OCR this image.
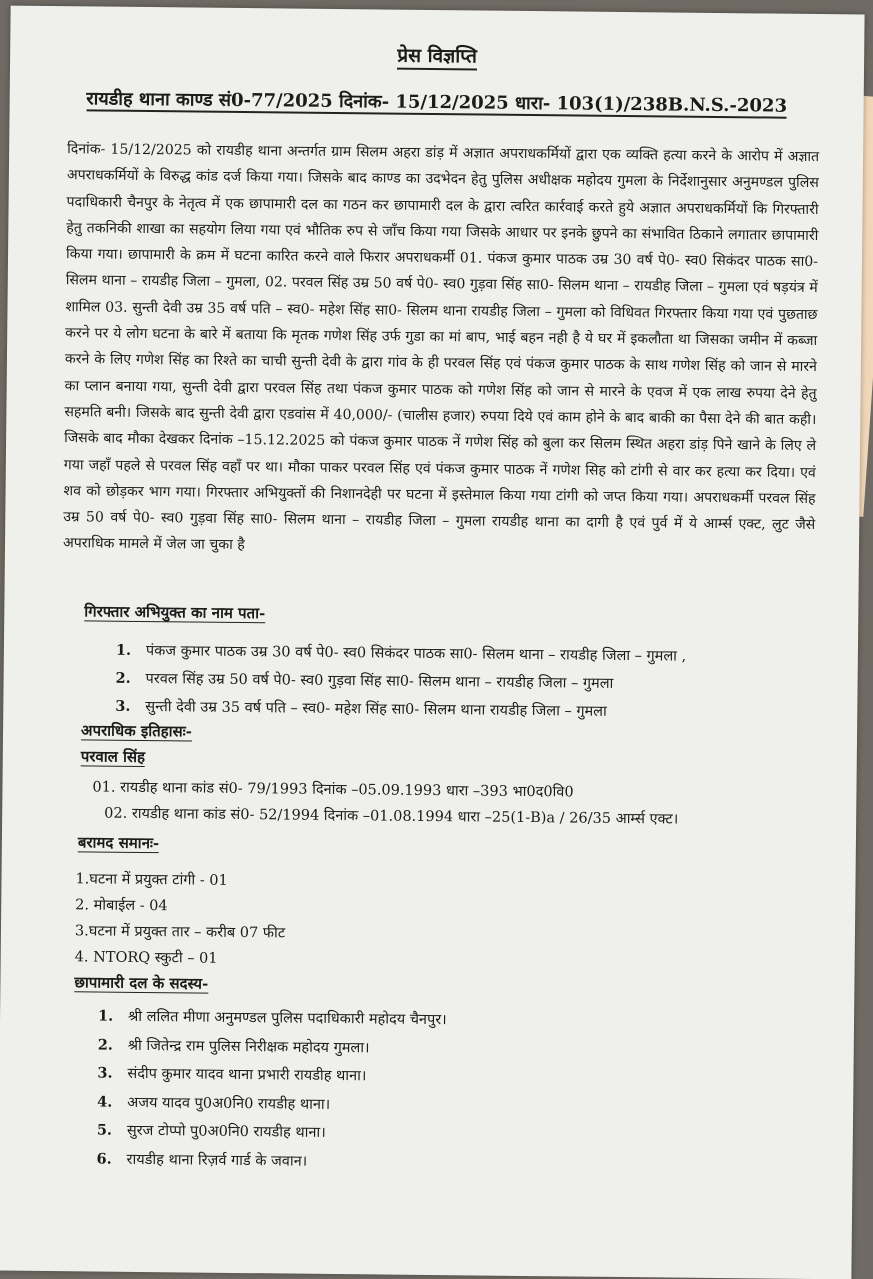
प्रेस विज्ञप्ति
रायडीह थाना काण्ड सं0-77/2025 दिनांक- 15/12/2025 धारा- 103(1)/238B.N.S.-2023
दिनांक- 15/12/2025 को रायडीह थाना अन्तर्गत ग्राम सिलम अहरा डांड़ में अज्ञात अपराधकर्मियों द्वारा एक व्यक्ति हत्या करने के आरोप में अज्ञात अपराधकर्मियों के विरुद्ध कांड दर्ज किया गया। जिसके बाद काण्ड का उदभेदन हेतु पुलिस अधीक्षक महोदय गुमला के निर्देशानुसार अनुमण्डल पुलिस पदाधिकारी चैनपुर के नेतृत्व में एक छापामारी दल का गठन कर छापामारी दल के द्वारा त्वरित कार्रवाई करते हुये अज्ञात अपराधकर्मियों कि गिरफ्तारी हेतु तकनिकी शाखा का सहयोग लिया गया एवं भौतिक रुप से जाँच किया गया जिसके आधार पर इनके छुपने का संभावित ठिकाने लगातार छापामारी किया गया। छापामारी के क्रम में घटना कारित करने वाले फिरार अपराधकर्मी 01. पंकज कुमार पाठक उम्र 30 वर्ष पे0- स्व0 सिकंदर पाठक सा0- सिलम थाना – रायडीह जिला – गुमला, 02. परवल सिंह उम्र 50 वर्ष पे0- स्व0 गुड़वा सिंह सा0- सिलम थाना – रायडीह जिला – गुमला एवं षड़यंत्र में शामिल 03. सुन्ती देवी उम्र 35 वर्ष पति – स्व0- महेश सिंह सा0- सिलम थाना रायडीह जिला – गुमला को विधिवत गिरफ्तार किया गया एवं पुछताछ करने पर ये लोग घटना के बारे में बताया कि मृतक गणेश सिंह उर्फ गुडा का मां बाप, भाई बहन नही है ये घर में इकलौता था जिसका जमीन में कब्जा करने के लिए गणेश सिंह का रिश्ते का चाची सुन्ती देवी के द्वारा गांव के ही परवल सिंह एवं पंकज कुमार पाठक के साथ गणेश सिंह को जान से मारने का प्लान बनाया गया, सुन्ती देवी द्वारा परवल सिंह तथा पंकज कुमार पाठक को गणेश सिंह को जान से मारने के एवज में एक लाख रुपया देने हेतु सहमति बनी। जिसके बाद सुन्ती देवी द्वारा एडवांस में 40,000/- (चालीस हजार) रुपया दिये एवं काम होने के बाद बाकी का पैसा देने की बात कही। जिसके बाद मौका देखकर दिनांक –15.12.2025 को पंकज कुमार पाठक नें गणेश सिंह को बुला कर सिलम स्थित अहरा डांड़ पिने खाने के लिए ले गया जहाँ पहले से परवल सिंह वहाँ पर था। मौका पाकर परवल सिंह एवं पंकज कुमार पाठक नें गणेश सिह को टांगी से वार कर हत्या कर दिया। एवं शव को छोड़कर भाग गया। गिरफ्तार अभियुक्तों की निशानदेही पर घटना में इस्तेमाल किया गया टांगी को जप्त किया गया। अपराधकर्मी परवल सिंह उम्र 50 वर्ष पे0- स्व0 गुड़वा सिंह सा0- सिलम थाना – रायडीह जिला – गुमला रायडीह थाना का दागी है एवं पुर्व में ये आर्म्स एक्ट, लुट जैसे अपराधिक मामले में जेल जा चुका है
गिरफ्तार अभियुक्त का नाम पता-
1. पंकज कुमार पाठक उम्र 30 वर्ष पे0- स्व0 सिकंदर पाठक सा0- सिलम थाना – रायडीह जिला – गुमला ,
2. परवल सिंह उम्र 50 वर्ष पे0- स्व0 गुड़वा सिंह सा0- सिलम थाना – रायडीह जिला – गुमला
3. सुन्ती देवी उम्र 35 वर्ष पति – स्व0- महेश सिंह सा0- सिलम थाना रायडीह जिला – गुमला
अपराधिक इतिहासः-
परवाल सिंह
01. रायडीह थाना कांड सं0- 79/1993 दिनांक –05.09.1993 धारा –393 भा0द0वि0
02. रायडीह थाना कांड सं0- 52/1994 दिनांक –01.08.1994 धारा –25(1-B)a / 26/35 आर्म्स एक्ट।
बरामद समानः-
1.घटना में प्रयुक्त टांगी - 01
2. मोबाईल - 04
3.घटना में प्रयुक्त तार – करीब 07 फीट
4. NTORQ स्कुटी – 01
छापामारी दल के सदस्य-
1. श्री ललित मीणा अनुमण्डल पुलिस पदाधिकारी महोदय चैनपुर।
2. श्री जितेन्द्र राम पुलिस निरीक्षक महोदय गुमला।
3. संदीप कुमार यादव थाना प्रभारी रायडीह थाना।
4. अजय यादव पु0अ0नि0 रायडीह थाना।
5. सुरज टोप्पो पु0अ0नि0 रायडीह थाना।
6. रायडीह थाना रिज़र्व गार्ड के जवान।
